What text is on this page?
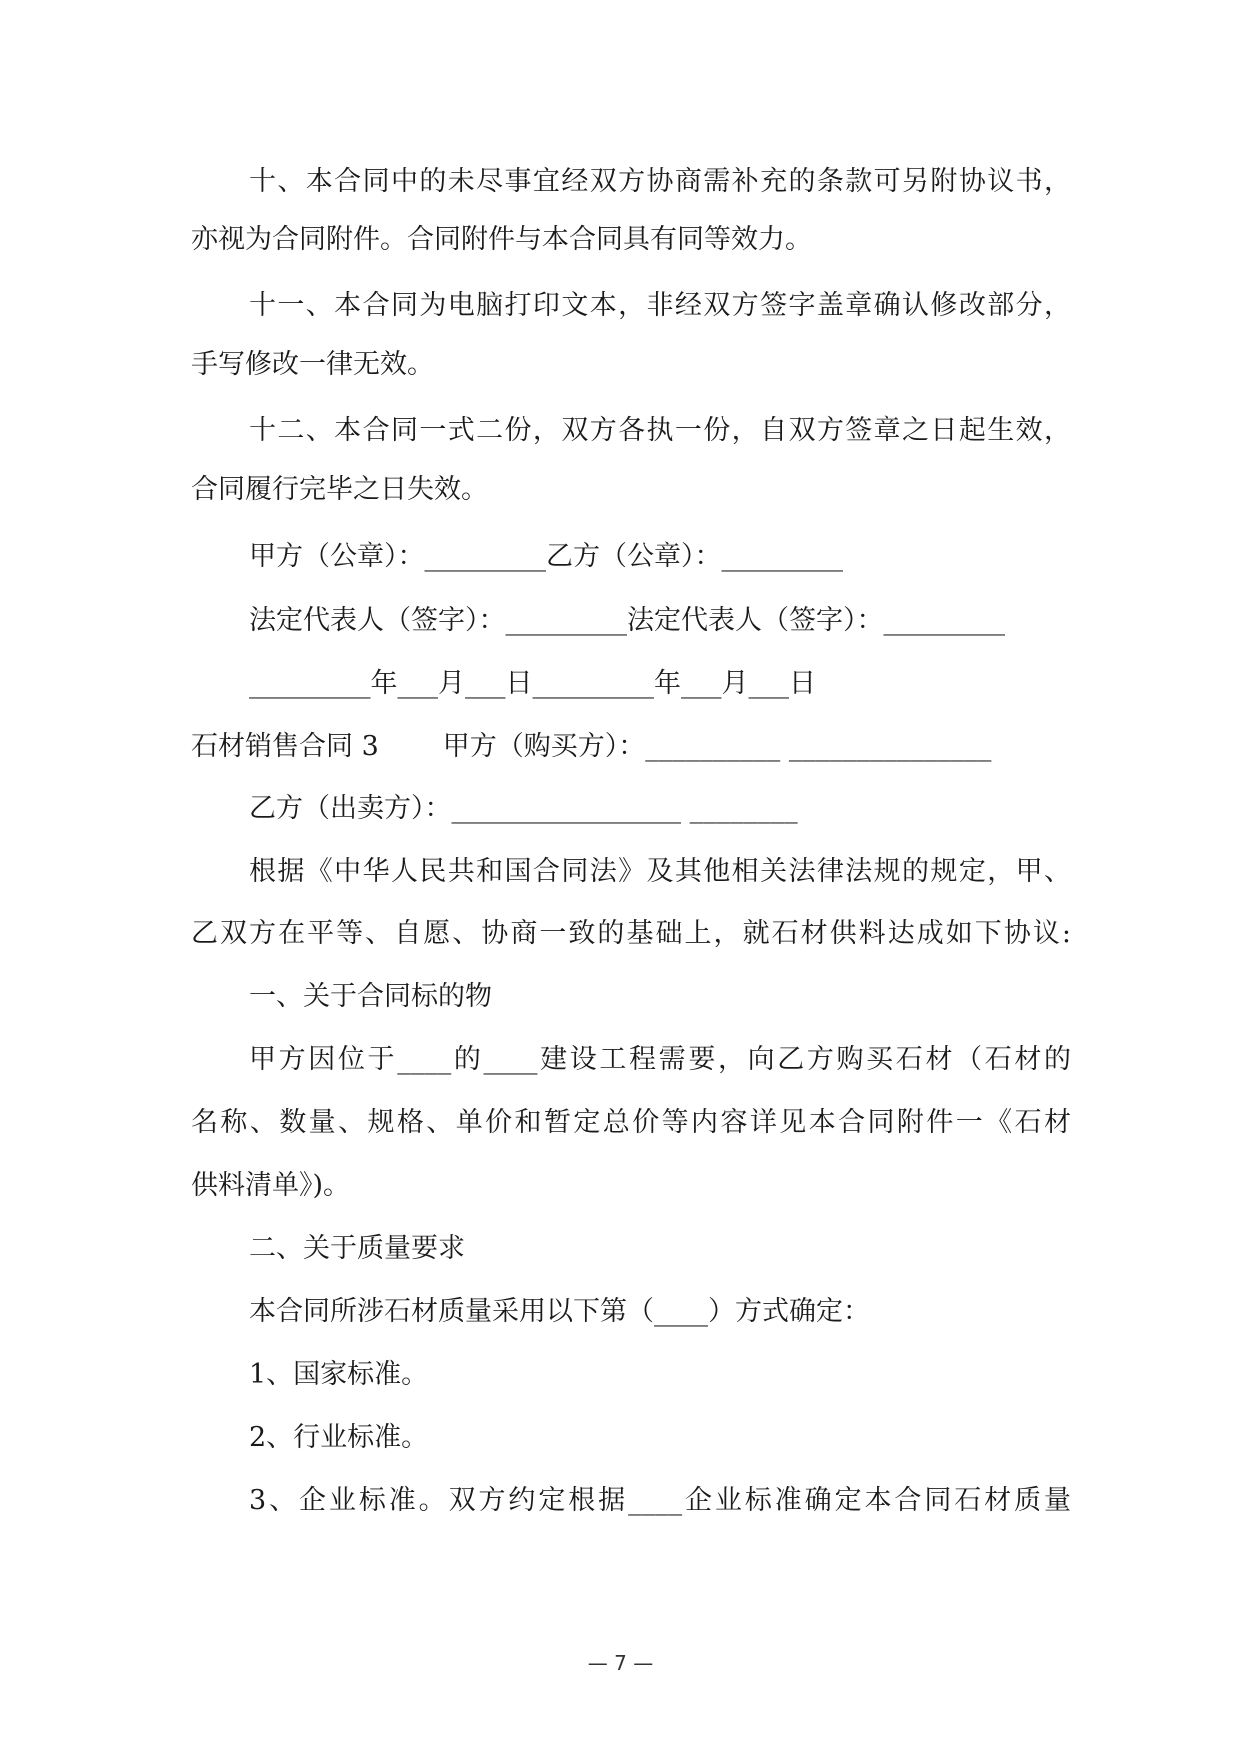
十、本合同中的未尽事宜经双方协商需补充的条款可另附协议书，
亦视为合同附件。合同附件与本合同具有同等效力。
十一、本合同为电脑打印文本，非经双方签字盖章确认修改部分，
手写修改一律无效。
十二、本合同一式二份，双方各执一份，自双方签章之日起生效，
合同履行完毕之日失效。
甲方（公章）：_________乙方（公章）：_________
法定代表人（签字）：_________法定代表人（签字）：_________
_________年___月___日_________年___月___日
石材销售合同 3 甲方（购买方）：__________ _______________
乙方（出卖方）：_________________ ________
根据《中华人民共和国合同法》及其他相关法律法规的规定，甲、
乙双方在平等、自愿、协商一致的基础上，就石材供料达成如下协议:
一、关于合同标的物
甲方因位于____的____建设工程需要，向乙方购买石材（石材的
名称、数量、规格、单价和暂定总价等内容详见本合同附件一《石材
供料清单》)。
二、关于质量要求
本合同所涉石材质量采用以下第（____）方式确定：
1、国家标准。
2、行业标准。
3、企业标准。双方约定根据____企业标准确定本合同石材质量
— 7 —
